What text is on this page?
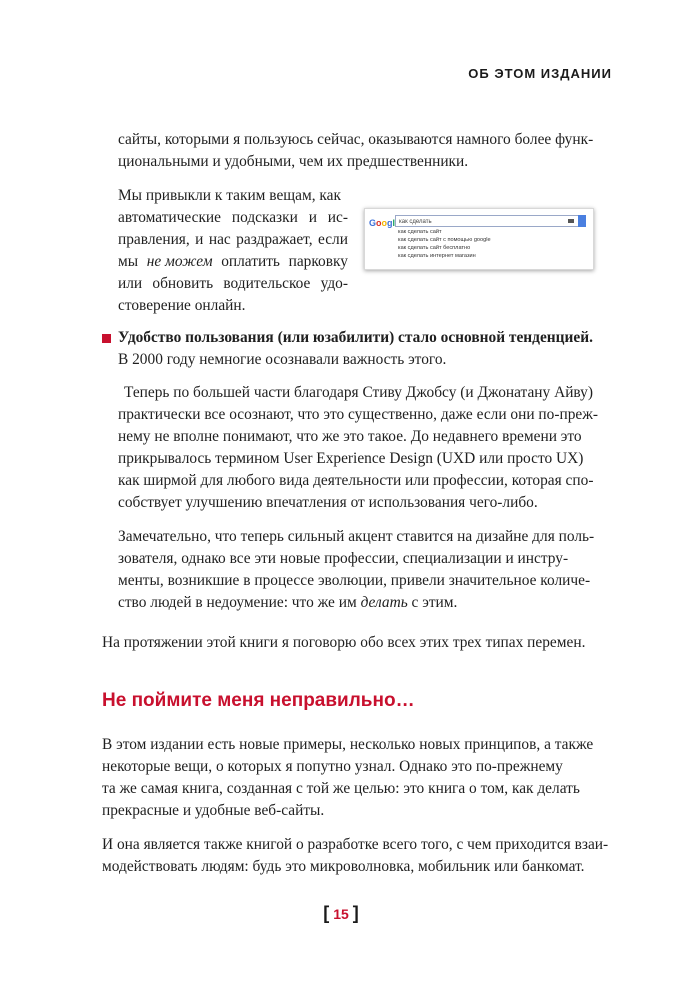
ОБ ЭТОМ ИЗДАНИИ
сайты, которыми я пользуюсь сейчас, оказываются намного более функ-
циональными и удобными, чем их предшественники.
Мы привыкли к таким вещам, как
автоматические подсказки и ис-
правления, и нас раздражает, если
мы не можем оплатить парковку
или обновить водительское удо-
стоверение онлайн.
Googl как сделать
как сделать сайт
как сделать сайт с помощью google
как сделать сайт бесплатно
как сделать интернет магазин
Удобство пользования (или юзабилити) стало основной тенденцией.
В 2000 году немногие осознавали важность этого.
Теперь по большей части благодаря Стиву Джобсу (и Джонатану Айву)
практически все осознают, что это существенно, даже если они по-преж-
нему не вполне понимают, что же это такое. До недавнего времени это
прикрывалось термином User Experience Design (UXD или просто UX)
как ширмой для любого вида деятельности или профессии, которая спо-
собствует улучшению впечатления от использования чего-либо.
Замечательно, что теперь сильный акцент ставится на дизайне для поль-
зователя, однако все эти новые профессии, специализации и инстру-
менты, возникшие в процессе эволюции, привели значительное количе-
ство людей в недоумение: что же им делать с этим.
На протяжении этой книги я поговорю обо всех этих трех типах перемен.
Не поймите меня неправильно…
В этом издании есть новые примеры, несколько новых принципов, а также
некоторые вещи, о которых я попутно узнал. Однако это по-прежнему
та же самая книга, созданная с той же целью: это книга о том, как делать
прекрасные и удобные веб-сайты.
И она является также книгой о разработке всего того, с чем приходится взаи-
модействовать людям: будь это микроволновка, мобильник или банкомат.
[ 15 ]
